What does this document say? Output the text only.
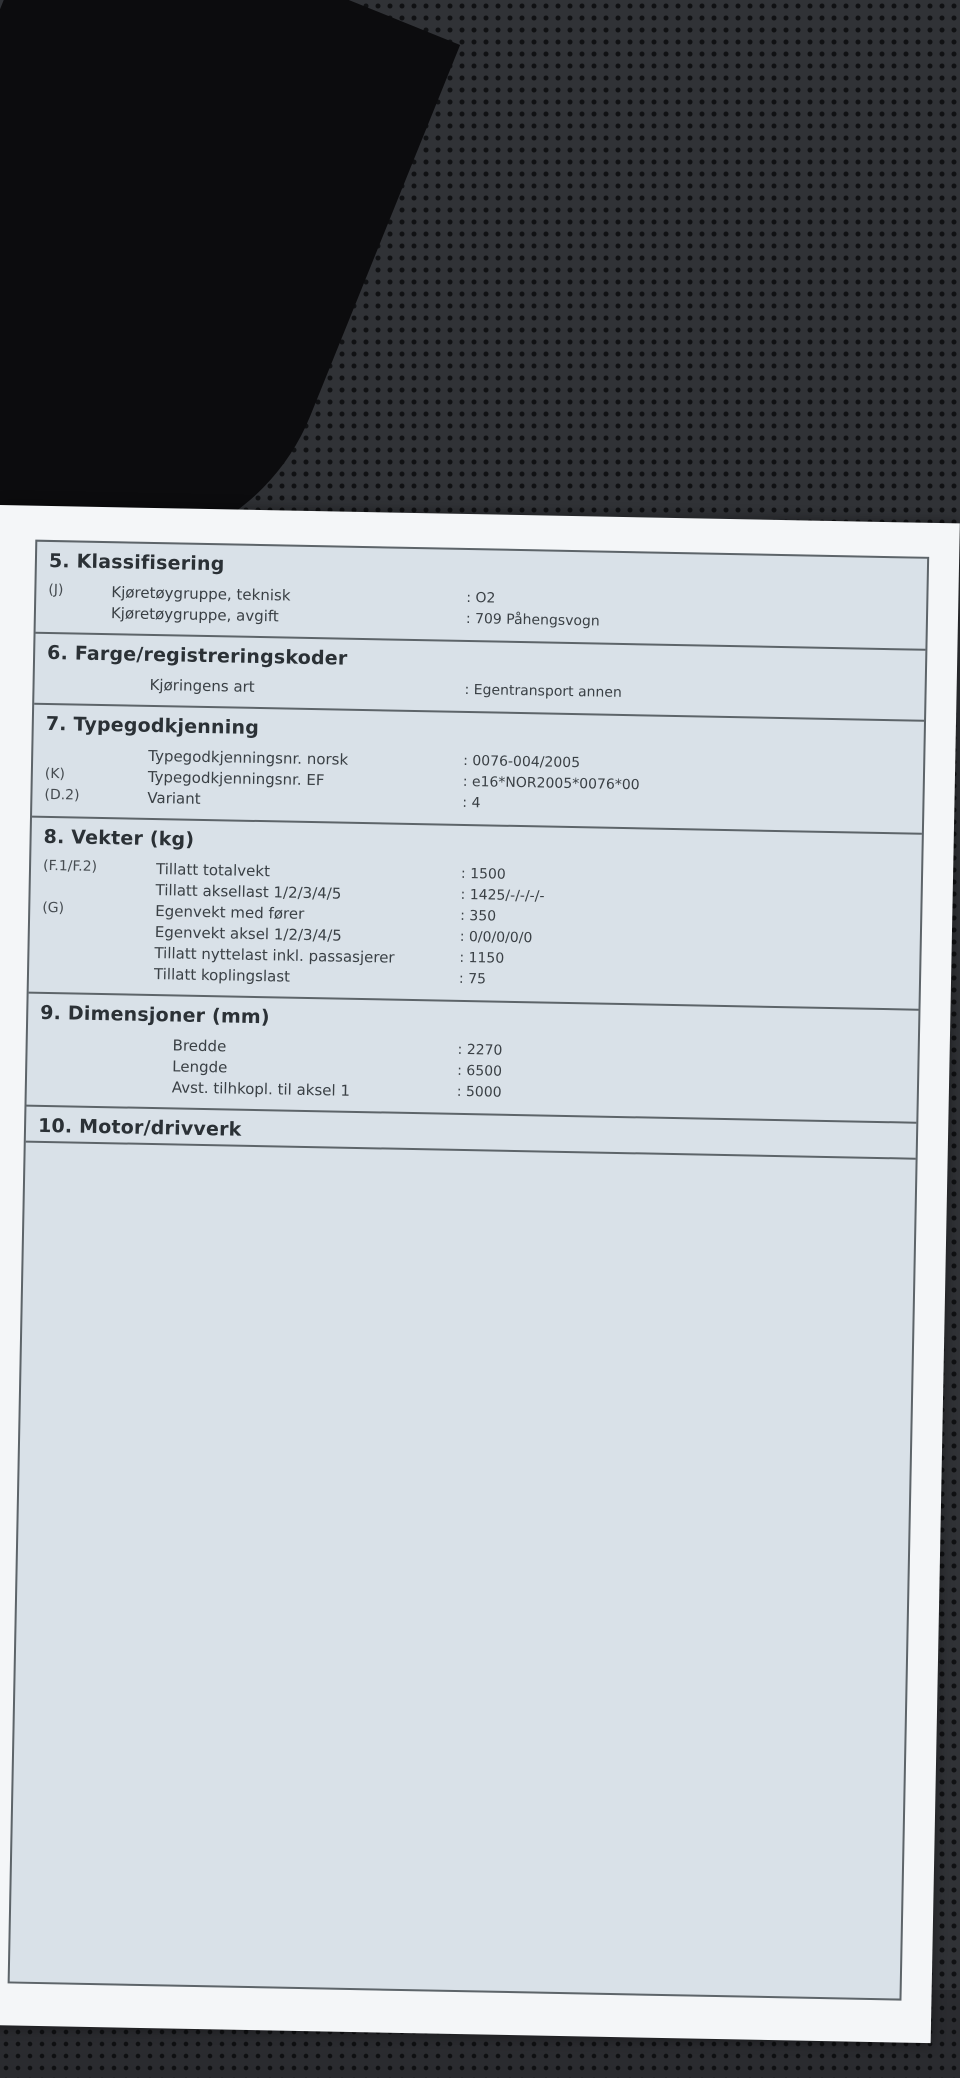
5. Klassifisering
(J)	Kjøretøygruppe, teknisk	: O2
Kjøretøygruppe, avgift	: 709 Påhengsvogn
6. Farge/registreringskoder
Kjøringens art	: Egentransport annen
7. Typegodkjenning
Typegodkjenningsnr. norsk	: 0076-004/2005
(K)	Typegodkjenningsnr. EF	: e16*NOR2005*0076*00
(D.2)	Variant	: 4
8. Vekter (kg)
(F.1/F.2)	Tillatt totalvekt	: 1500
Tillatt aksellast 1/2/3/4/5	: 1425/-/-/-/-
(G)	Egenvekt med fører	: 350
Egenvekt aksel 1/2/3/4/5	: 0/0/0/0/0
Tillatt nyttelast inkl. passasjerer	: 1150
Tillatt koplingslast	: 75
9. Dimensjoner (mm)
Bredde	: 2270
Lengde	: 6500
Avst. tilhkopl. til aksel 1	: 5000
10. Motor/drivverk
